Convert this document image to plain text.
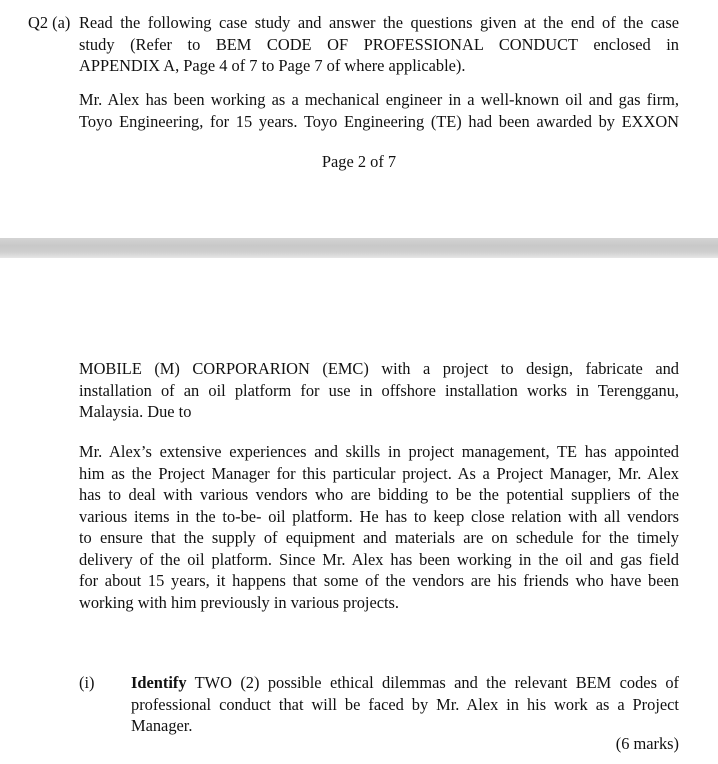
Q2 (a) Read the following case study and answer the questions given at the end of the case
study (Refer to BEM CODE OF PROFESSIONAL CONDUCT enclosed in
APPENDIX A, Page 4 of 7 to Page 7 of where applicable).
Mr. Alex has been working as a mechanical engineer in a well-known oil and gas firm,
Toyo Engineering, for 15 years. Toyo Engineering (TE) had been awarded by EXXON
Page 2 of 7
MOBILE (M) CORPORARION (EMC) with a project to design, fabricate and
installation of an oil platform for use in offshore installation works in Terengganu,
Malaysia. Due to
Mr. Alex’s extensive experiences and skills in project management, TE has appointed
him as the Project Manager for this particular project. As a Project Manager, Mr. Alex
has to deal with various vendors who are bidding to be the potential suppliers of the
various items in the to-be- oil platform. He has to keep close relation with all vendors
to ensure that the supply of equipment and materials are on schedule for the timely
delivery of the oil platform. Since Mr. Alex has been working in the oil and gas field
for about 15 years, it happens that some of the vendors are his friends who have been
working with him previously in various projects.
(i) Identify TWO (2) possible ethical dilemmas and the relevant BEM codes of
professional conduct that will be faced by Mr. Alex in his work as a Project
Manager.
(6 marks)
